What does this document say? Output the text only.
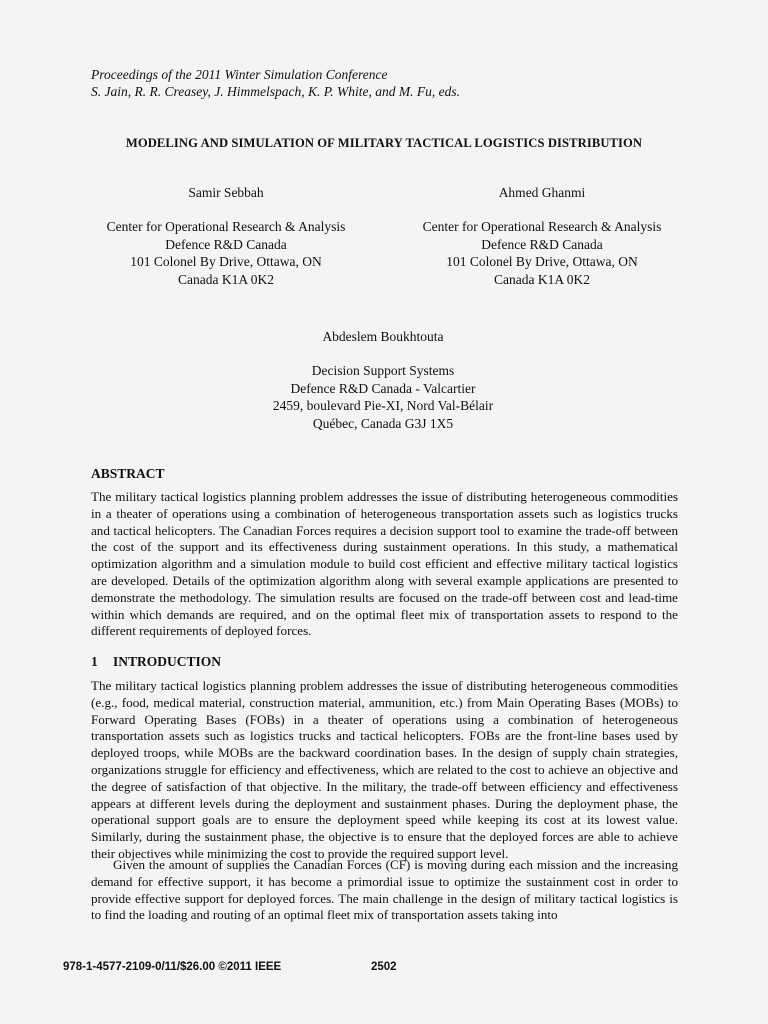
Proceedings of the 2011 Winter Simulation Conference
S. Jain, R. R. Creasey, J. Himmelspach, K. P. White, and M. Fu, eds.
MODELING AND SIMULATION OF MILITARY TACTICAL LOGISTICS DISTRIBUTION
Samir Sebbah
Center for Operational Research & Analysis
Defence R&D Canada
101 Colonel By Drive, Ottawa, ON
Canada K1A 0K2
Ahmed Ghanmi
Center for Operational Research & Analysis
Defence R&D Canada
101 Colonel By Drive, Ottawa, ON
Canada K1A 0K2
Abdeslem Boukhtouta
Decision Support Systems
Defence R&D Canada - Valcartier
2459, boulevard Pie-XI, Nord Val-Bélair
Québec, Canada G3J 1X5
ABSTRACT

The military tactical logistics planning problem addresses the issue of distributing heterogeneous commodities in a theater of operations using a combination of heterogeneous transportation assets such as logistics trucks and tactical helicopters. The Canadian Forces requires a decision support tool to examine the trade-off between the cost of the support and its effectiveness during sustainment operations. In this study, a mathematical optimization algorithm and a simulation module to build cost efficient and effective military tactical logistics are developed. Details of the optimization algorithm along with several example applications are presented to demonstrate the methodology. The simulation results are focused on the trade-off between cost and lead-time within which demands are required, and on the optimal fleet mix of transportation assets to respond to the different requirements of deployed forces.

1 INTRODUCTION

The military tactical logistics planning problem addresses the issue of distributing heterogeneous commodities (e.g., food, medical material, construction material, ammunition, etc.) from Main Operating Bases (MOBs) to Forward Operating Bases (FOBs) in a theater of operations using a combination of heterogeneous transportation assets such as logistics trucks and tactical helicopters. FOBs are the front-line bases used by deployed troops, while MOBs are the backward coordination bases. In the design of supply chain strategies, organizations struggle for efficiency and effectiveness, which are related to the cost to achieve an objective and the degree of satisfaction of that objective. In the military, the trade-off between efficiency and effectiveness appears at different levels during the deployment and sustainment phases. During the deployment phase, the operational support goals are to ensure the deployment speed while keeping its cost at its lowest value. Similarly, during the sustainment phase, the objective is to ensure that the deployed forces are able to achieve their objectives while minimizing the cost to provide the required support level.

Given the amount of supplies the Canadian Forces (CF) is moving during each mission and the increasing demand for effective support, it has become a primordial issue to optimize the sustainment cost in order to provide effective support for deployed forces. The main challenge in the design of military tactical logistics is to find the loading and routing of an optimal fleet mix of transportation assets taking into

978-1-4577-2109-0/11/$26.00 ©2011 IEEE	2502
